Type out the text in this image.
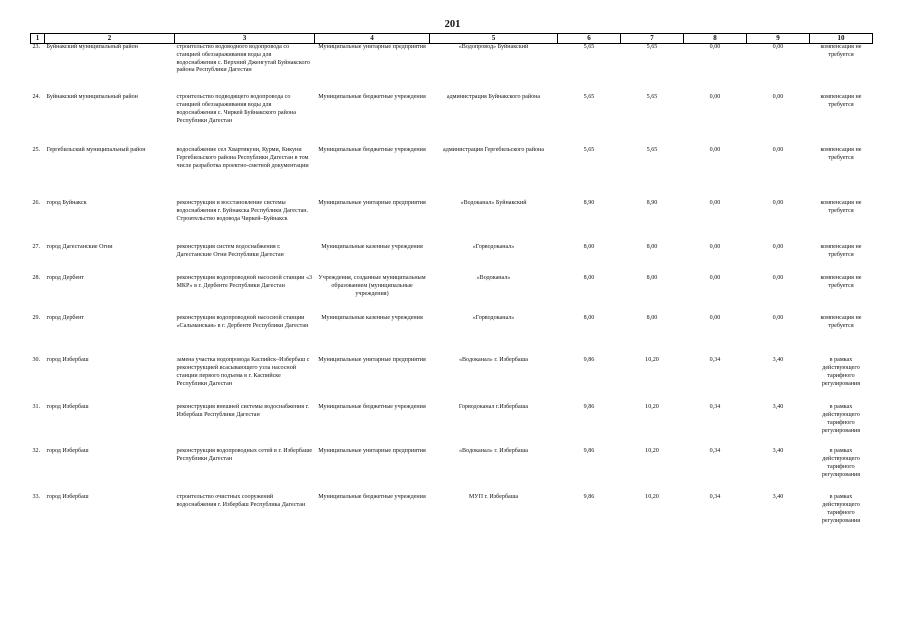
201
1	2	3	4	5	6	7	8	9	10
23.	Буйнакский муниципальный район	строительство водоводного водопровода со станцией обеззараживания воды для водоснабжения с. Верхний Дженгутай Буйнакского района Республики Дагестан	Муниципальные унитарные предприятия	«Водопровод» Буйнакский	5,65	5,65	0,00	0,00	компенсация не требуется
24.	Буйнакский муниципальный район	строительство подводящего водопровода со станцией обеззараживания воды для водоснабжения с. Чиркей Буйнакского района Республики Дагестан	Муниципальные бюджетные учреждения	администрация Буйнакского района	5,65	5,65	0,00	0,00	компенсация не требуется
25.	Гергебильский муниципальный район	водоснабжение сел Хвартикуни, Курми, Кикуни Гергебильского района Республики Дагестан в том числе разработка проектно-сметной документации	Муниципальные бюджетные учреждения	администрация Гергебильского района	5,65	5,65	0,00	0,00	компенсация не требуется
26.	город Буйнакск	реконструкция и восстановление системы водоснабжения г. Буйнакска Республики Дагестан. Строительство водовода Чиркей–Буйнакск	Муниципальные унитарные предприятия	«Водоканал» Буйнакский	8,90	8,90	0,00	0,00	компенсация не требуется
27.	город Дагестанские Огни	реконструкция систем водоснабжения г. Дагестанские Огни Республики Дагестан	Муниципальные казенные учреждения	«Горводоканал»	8,00	8,00	0,00	0,00	компенсация не требуется
28.	город Дербент	реконструкция водопроводной насосной станции «3 МКР» в г. Дербенте Республики Дагестан	Учреждения, созданные муниципальным образованием (муниципальные учреждения)	«Водоканал»	8,00	8,00	0,00	0,00	компенсация не требуется
29.	город Дербент	реконструкция водопроводной насосной станции «Сальманская» в г. Дербенте Республики Дагестан	Муниципальные казенные учреждения	«Горводоканал»	8,00	8,00	0,00	0,00	компенсация не требуется
30.	город Избербаш	замена участка водопровода Каспийск–Избербаш с реконструкцией всасывающего узла насосной станции первого подъема в г. Каспийске Республики Дагестан	Муниципальные унитарные предприятия	«Водоканал» г. Избербаша	9,86	10,20	0,34	3,40	в рамках действующего тарифного регулирования
31.	город Избербаш	реконструкция внешней системы водоснабжения г. Избербаш Республики Дагестан	Муниципальные бюджетные учреждения	Горводоканал г.Избербаша	9,86	10,20	0,34	3,40	в рамках действующего тарифного регулирования
32.	город Избербаш	реконструкция водопроводных сетей в г. Избербаше Республики Дагестан	Муниципальные унитарные предприятия	«Водоканал» г. Избербаша	9,86	10,20	0,34	3,40	в рамках действующего тарифного регулирования
33.	город Избербаш	строительство очистных сооружений водоснабжения г. Избербаш Республика Дагестан	Муниципальные бюджетные учреждения	МУП г. Избербаша	9,86	10,20	0,34	3,40	в рамках действующего тарифного регулирования
